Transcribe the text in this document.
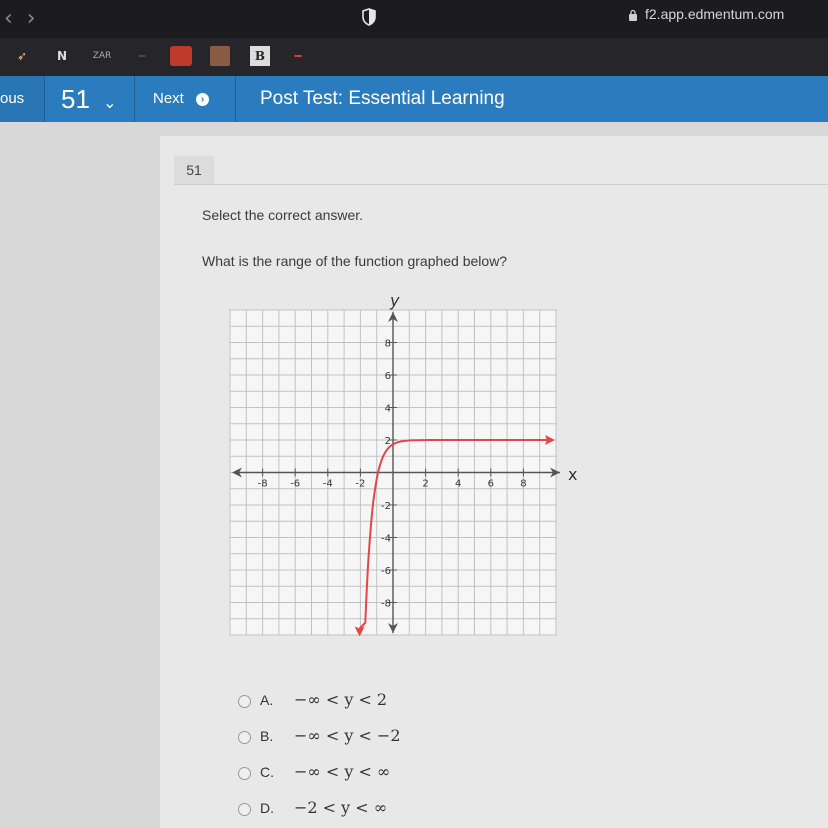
‹›	f2.app.edmentum.com
➶	N	ZAR	╌	B	━
ous	51 ⌄	Next ›	Post Test: Essential Learning
51
Select the correct answer.
What is the range of the function graphed below?
-8 -6 -4 -2	2	4	6	8
8
6
4
2
-2
-4
-6
-8
x
y
A. −∞ < y < 2
B. −∞ < y < −2
C. −∞ < y < ∞
D. −2 < y < ∞
